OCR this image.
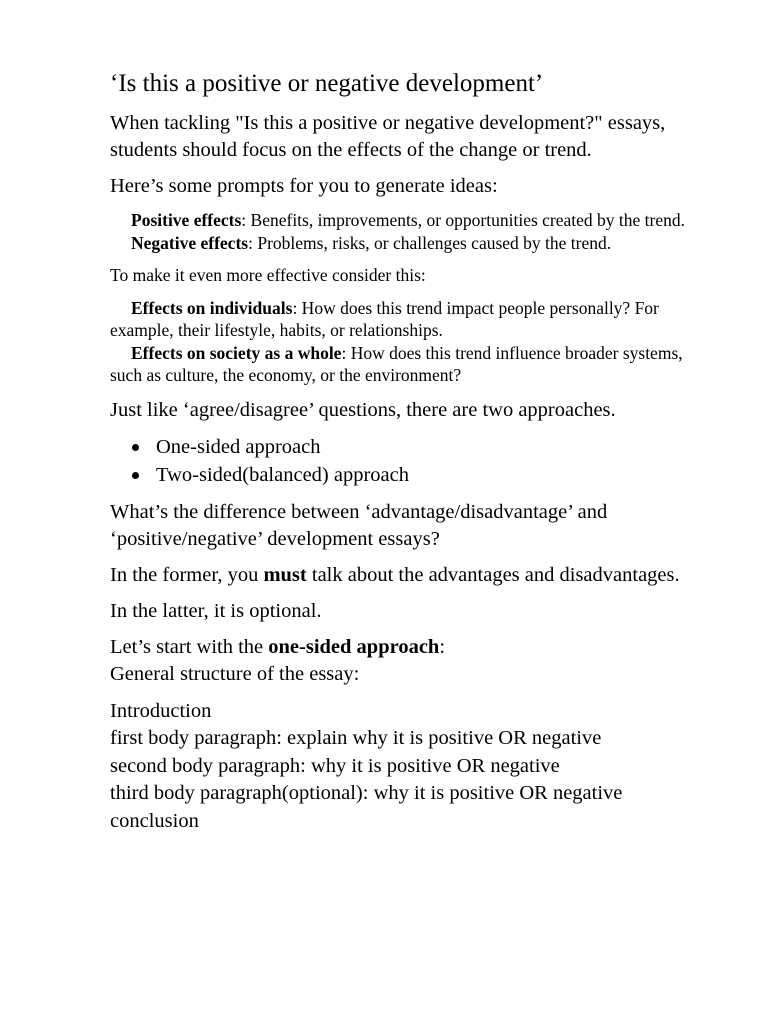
‘Is this a positive or negative development’

When tackling "Is this a positive or negative development?" essays, students should focus on the effects of the change or trend.

Here’s some prompts for you to generate ideas:

Positive effects: Benefits, improvements, or opportunities created by the trend.
Negative effects: Problems, risks, or challenges caused by the trend.

To make it even more effective consider this:

Effects on individuals: How does this trend impact people personally? For example, their lifestyle, habits, or relationships.
Effects on society as a whole: How does this trend influence broader systems, such as culture, the economy, or the environment?

Just like ‘agree/disagree’ questions, there are two approaches.

One-sided approach
Two-sided(balanced) approach

What’s the difference between ‘advantage/disadvantage’ and ‘positive/negative’ development essays?

In the former, you must talk about the advantages and disadvantages.

In the latter, it is optional.

Let’s start with the one-sided approach:
General structure of the essay:
Introduction
first body paragraph: explain why it is positive OR negative
second body paragraph: why it is positive OR negative
third body paragraph(optional): why it is positive OR negative
conclusion
